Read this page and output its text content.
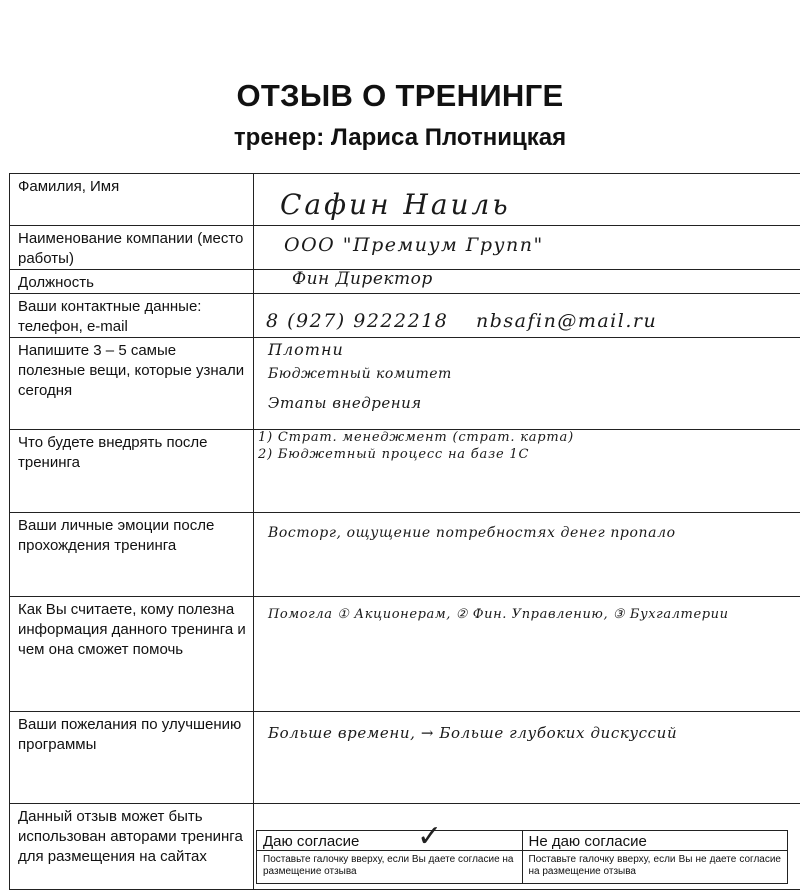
ОТЗЫВ О ТРЕНИНГЕ
тренер: Лариса Плотницкая
Фамилия, Имя	
Сафин Наиль

Наименование компании (место работы)	
ООО "Премиум Групп"

Должность	Фин Директор

Ваши контактные данные: телефон, e-mail	8 (927) 9222218 nbsafin@mail.ru

Напишите 3 – 5 самые полезные вещи, которые узнали сегодня	
Плотни
Бюджетный комитет
Этапы внедрения

Что будете внедрять после тренинга	
1) Страт. менеджмент (страт. карта)
2) Бюджетный процесс на базе 1С

Ваши личные эмоции после прохождения тренинга	
Восторг, ощущение потребностях денег пропало

Как Вы считаете, кому полезна информация данного тренинга и чем она сможет помочь	
Помогла ① Акционерам, ② Фин. Управлению, ③ Бухгалтерии

Ваши пожелания по улучшению программы	
Больше времени, → Больше глубоких дискуссий

Данный отзыв может быть использован авторами тренинга для размещения на сайтах	
Даю согласие ✓	Не даю согласие
Поставьте галочку вверху, если Вы даете согласие на размещение отзыва	Поставьте галочку вверху, если Вы не даете согласие на размещение отзыва
